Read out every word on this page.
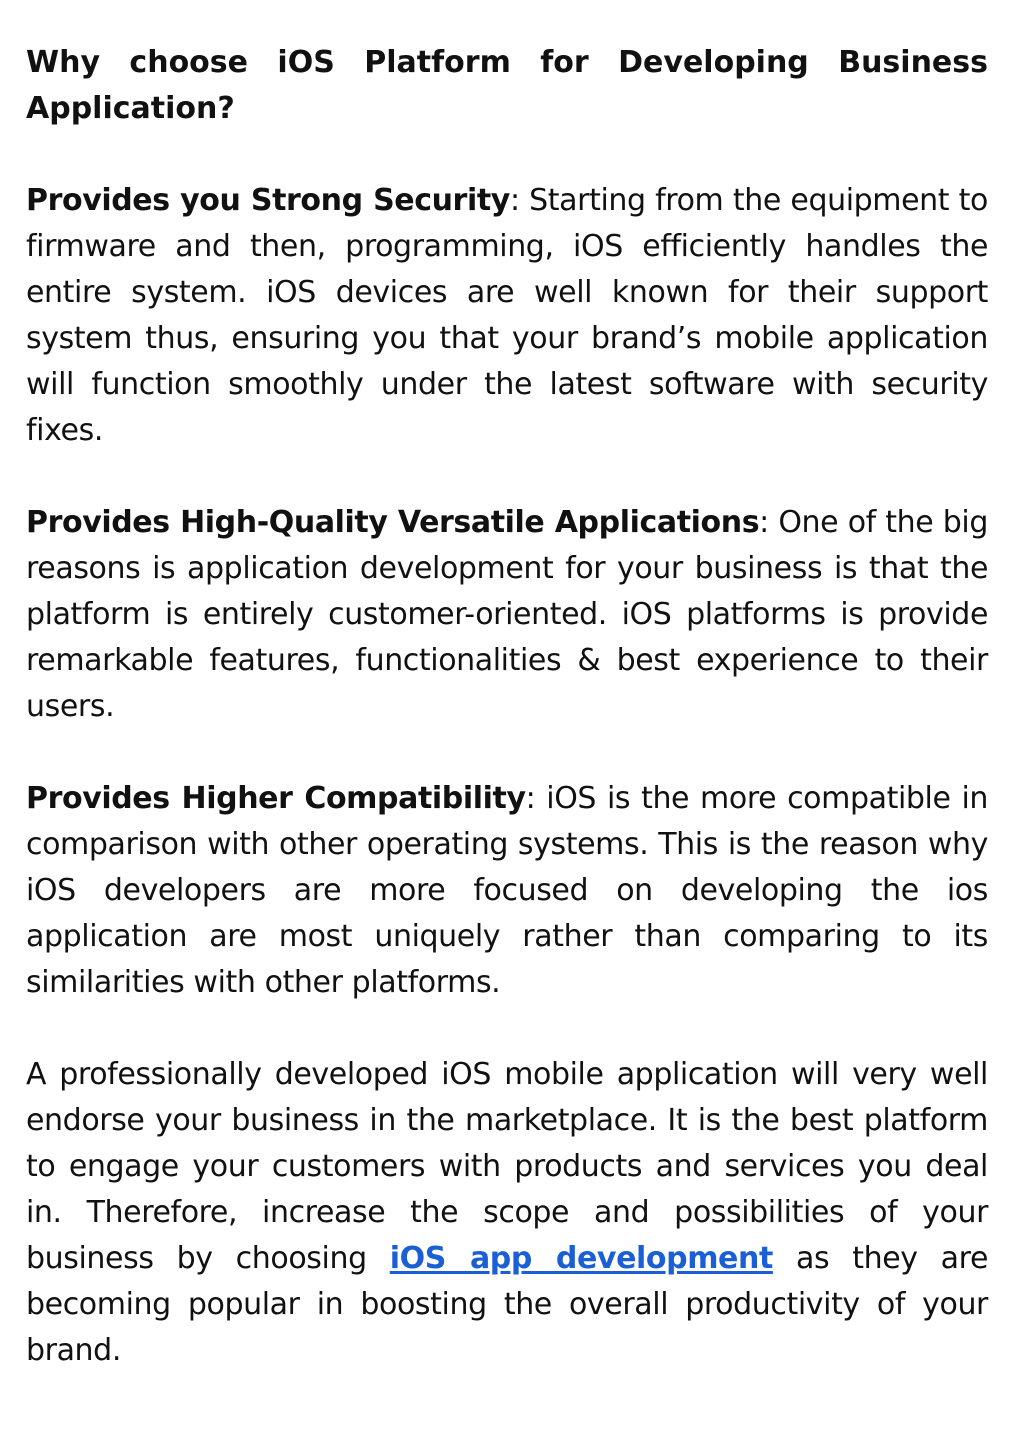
Why choose iOS Platform for Developing Business Application?

Provides you Strong Security: Starting from the equipment to firmware and then, programming, iOS efficiently handles the entire system. iOS devices are well known for their support system thus, ensuring you that your brand’s mobile application will function smoothly under the latest software with security fixes.

Provides High-Quality Versatile Applications: One of the big reasons is application development for your business is that the platform is entirely customer-oriented. iOS platforms is provide remarkable features, functionalities & best experience to their users.

Provides Higher Compatibility: iOS is the more compatible in comparison with other operating systems. This is the reason why iOS developers are more focused on developing the ios application are most uniquely rather than comparing to its similarities with other platforms.

A professionally developed iOS mobile application will very well endorse your business in the marketplace. It is the best platform to engage your customers with products and services you deal in. Therefore, increase the scope and possibilities of your business by choosing iOS app development as they are becoming popular in boosting the overall productivity of your brand.
